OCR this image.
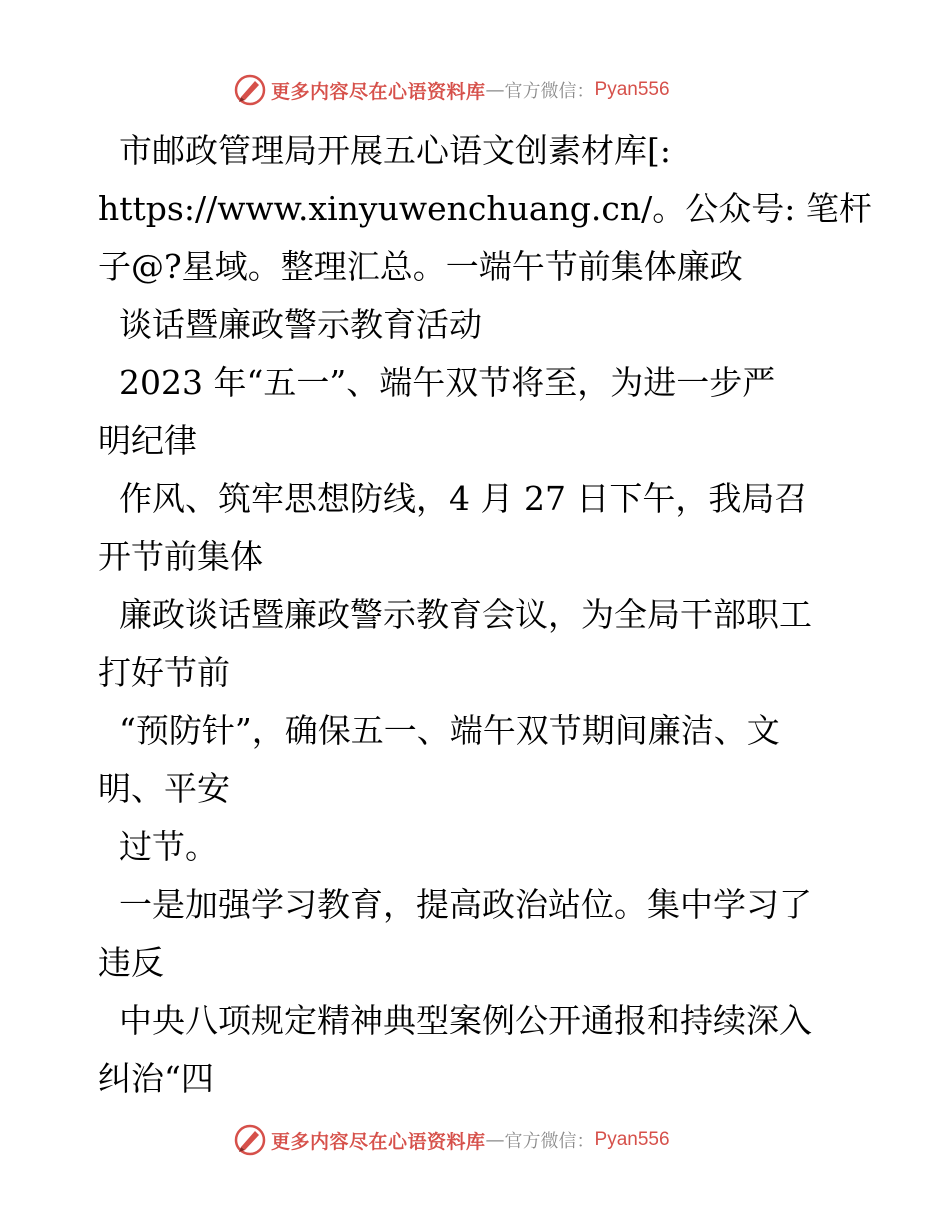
更多内容尽在心语资料库 — 官方微信： Pyan556
市邮政管理局开展五心语文创素材库[:
https://www.xinyuwenchuang.cn/。公众号: 笔杆
子@?星域。整理汇总。一端午节前集体廉政
谈话暨廉政警示教育活动
2023 年“五一”、端午双节将至，为进一步严
明纪律
作风、筑牢思想防线，4 月 27 日下午，我局召
开节前集体
廉政谈话暨廉政警示教育会议，为全局干部职工
打好节前
“预防针”，确保五一、端午双节期间廉洁、文
明、平安
过节。
一是加强学习教育，提高政治站位。集中学习了
违反
中央八项规定精神典型案例公开通报和持续深入
纠治“四
更多内容尽在心语资料库 — 官方微信： Pyan556
